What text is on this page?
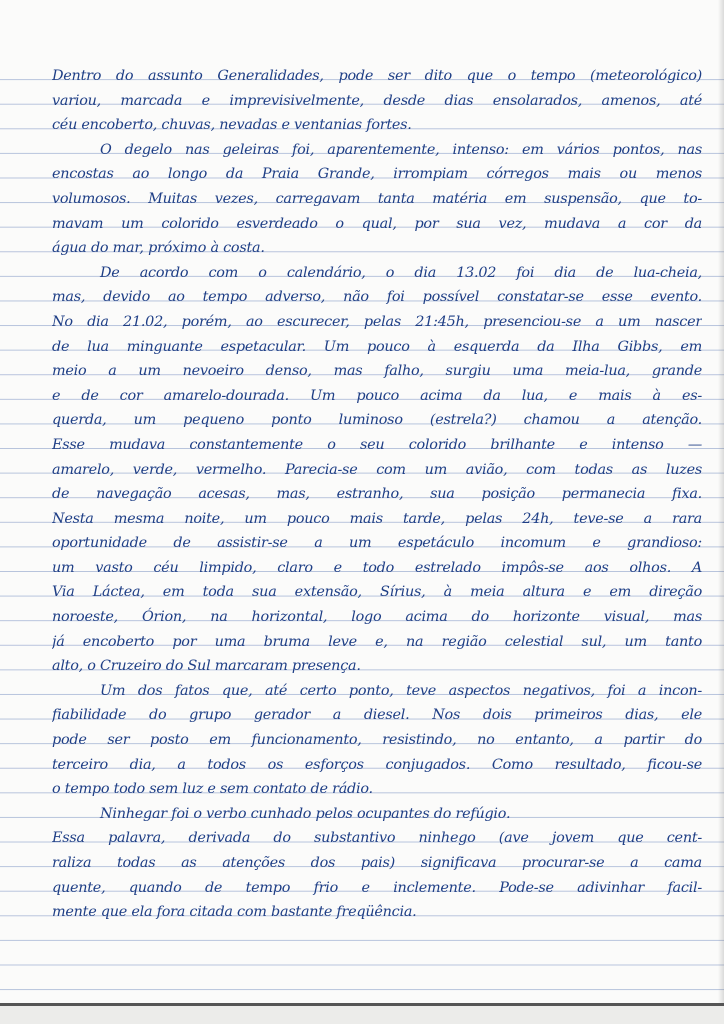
Dentro do assunto Generalidades, pode ser dito que o tempo (meteorológico)
variou, marcada e imprevisivelmente, desde dias ensolarados, amenos, até
céu encoberto, chuvas, nevadas e ventanias fortes.
O degelo nas geleiras foi, aparentemente, intenso: em vários pontos, nas
encostas ao longo da Praia Grande, irrompiam córregos mais ou menos
volumosos. Muitas vezes, carregavam tanta matéria em suspensão, que to-
mavam um colorido esverdeado o qual, por sua vez, mudava a cor da
água do mar, próximo à costa.
De acordo com o calendário, o dia 13.02 foi dia de lua-cheia,
mas, devido ao tempo adverso, não foi possível constatar-se esse evento.
No dia 21.02, porém, ao escurecer, pelas 21:45h, presenciou-se a um nascer
de lua minguante espetacular. Um pouco à esquerda da Ilha Gibbs, em
meio a um nevoeiro denso, mas falho, surgiu uma meia-lua, grande
e de cor amarelo-dourada. Um pouco acima da lua, e mais à es-
querda, um pequeno ponto luminoso (estrela?) chamou a atenção.
Esse mudava constantemente o seu colorido brilhante e intenso —
amarelo, verde, vermelho. Parecia-se com um avião, com todas as luzes
de navegação acesas, mas, estranho, sua posição permanecia fixa.
Nesta mesma noite, um pouco mais tarde, pelas 24h, teve-se a rara
oportunidade de assistir-se a um espetáculo incomum e grandioso:
um vasto céu limpido, claro e todo estrelado impôs-se aos olhos. A
Via Láctea, em toda sua extensão, Sírius, à meia altura e em direção
noroeste, Órion, na horizontal, logo acima do horizonte visual, mas
já encoberto por uma bruma leve e, na região celestial sul, um tanto
alto, o Cruzeiro do Sul marcaram presença.
Um dos fatos que, até certo ponto, teve aspectos negativos, foi a incon-
fiabilidade do grupo gerador a diesel. Nos dois primeiros dias, ele
pode ser posto em funcionamento, resistindo, no entanto, a partir do
terceiro dia, a todos os esforços conjugados. Como resultado, ficou-se
o tempo todo sem luz e sem contato de rádio.
Ninhegar foi o verbo cunhado pelos ocupantes do refúgio.
Essa palavra, derivada do substantivo ninhego (ave jovem que cent-
raliza todas as atenções dos pais) significava procurar-se a cama
quente, quando de tempo frio e inclemente. Pode-se adivinhar facil-
mente que ela fora citada com bastante freqüência.
